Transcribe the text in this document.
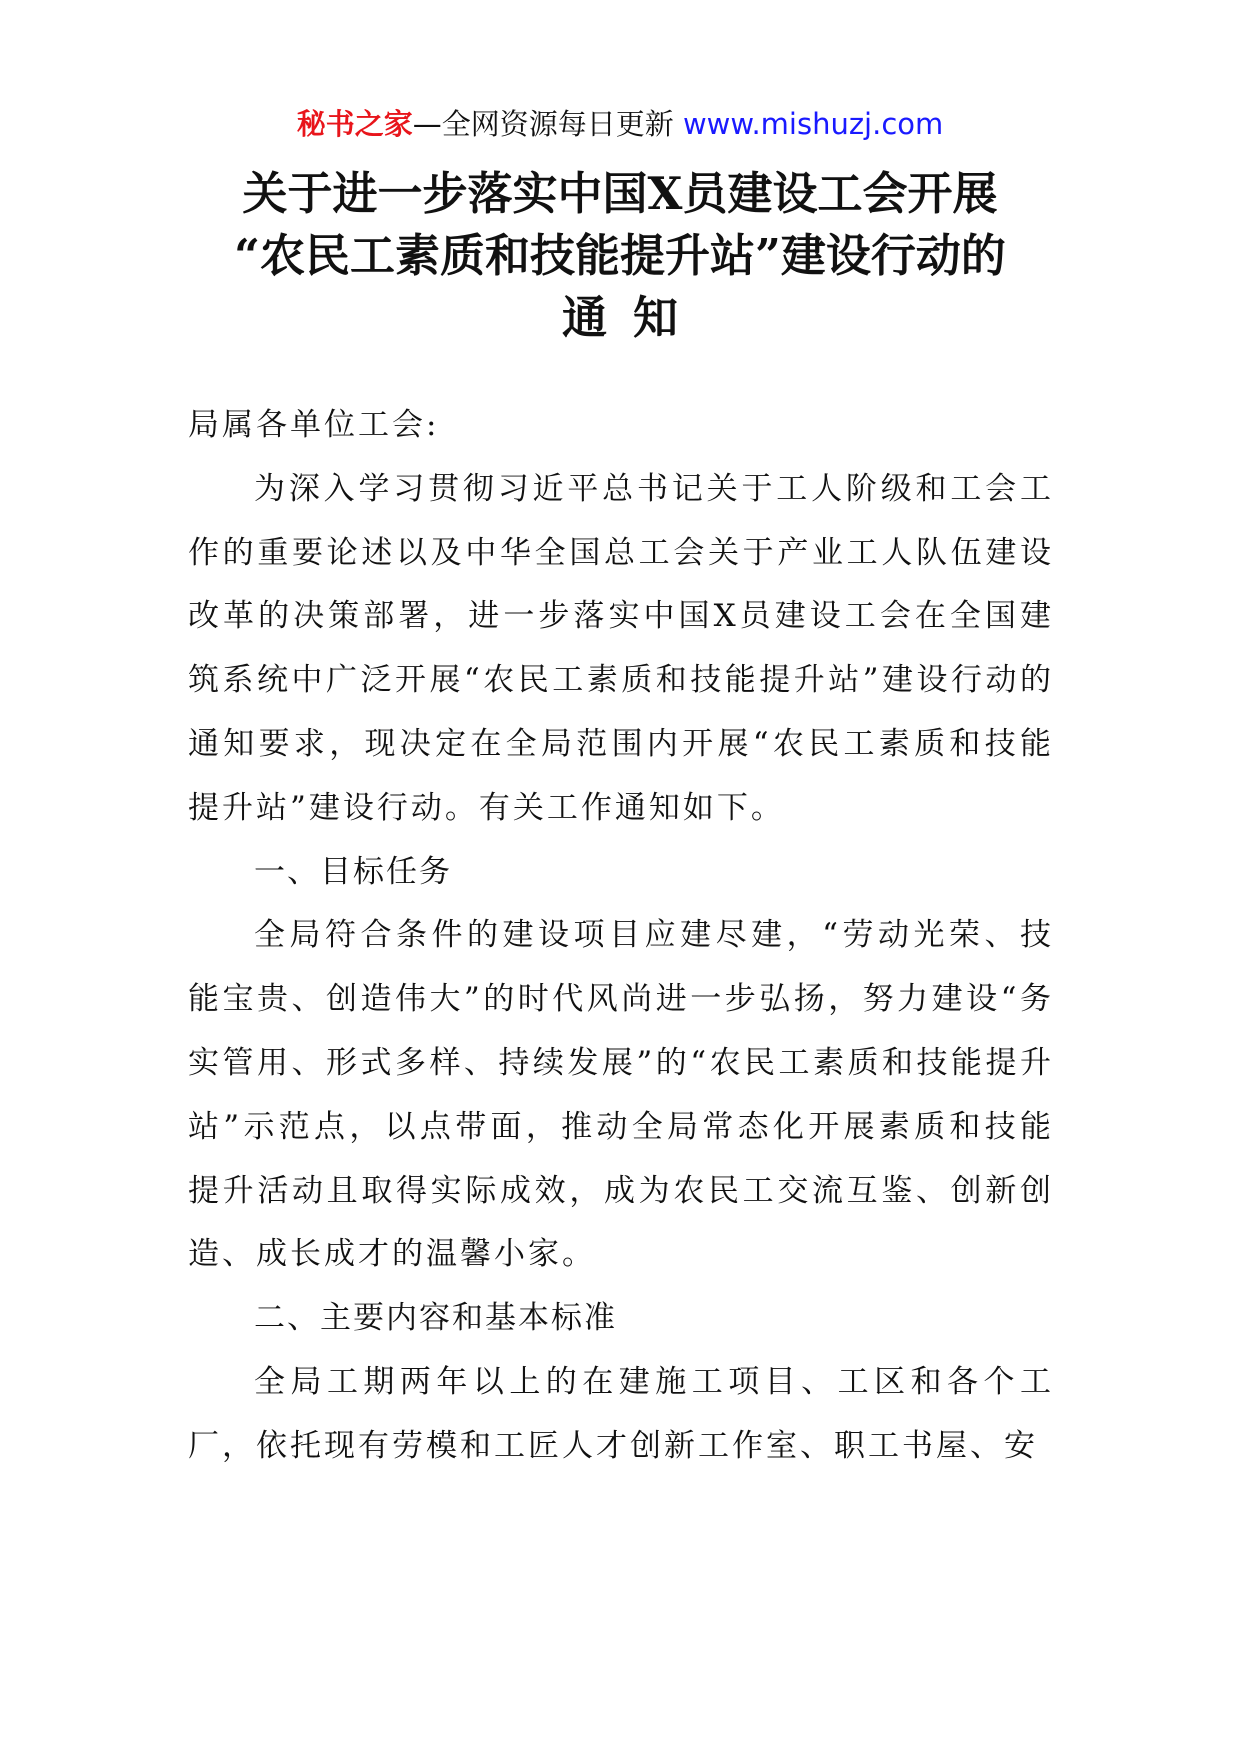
秘书之家—全网资源每日更新 www.mishuzj.com
关于进一步落实中国X员建设工会开展
“农民工素质和技能提升站”建设行动的
通知

局属各单位工会:

为深入学习贯彻习近平总书记关于工人阶级和工会工作的重要论述以及中华全国总工会关于产业工人队伍建设改革的决策部署，进一步落实中国X员建设工会在全国建筑系统中广泛开展“农民工素质和技能提升站”建设行动的通知要求，现决定在全局范围内开展“农民工素质和技能提升站”建设行动。有关工作通知如下。

一、目标任务

全局符合条件的建设项目应建尽建，“劳动光荣、技能宝贵、创造伟大”的时代风尚进一步弘扬，努力建设“务实管用、形式多样、持续发展”的“农民工素质和技能提升站”示范点，以点带面，推动全局常态化开展素质和技能提升活动且取得实际成效，成为农民工交流互鉴、创新创造、成长成才的温馨小家。

二、主要内容和基本标准

全局工期两年以上的在建施工项目、工区和各个工厂，依托现有劳模和工匠人才创新工作室、职工书屋、安
